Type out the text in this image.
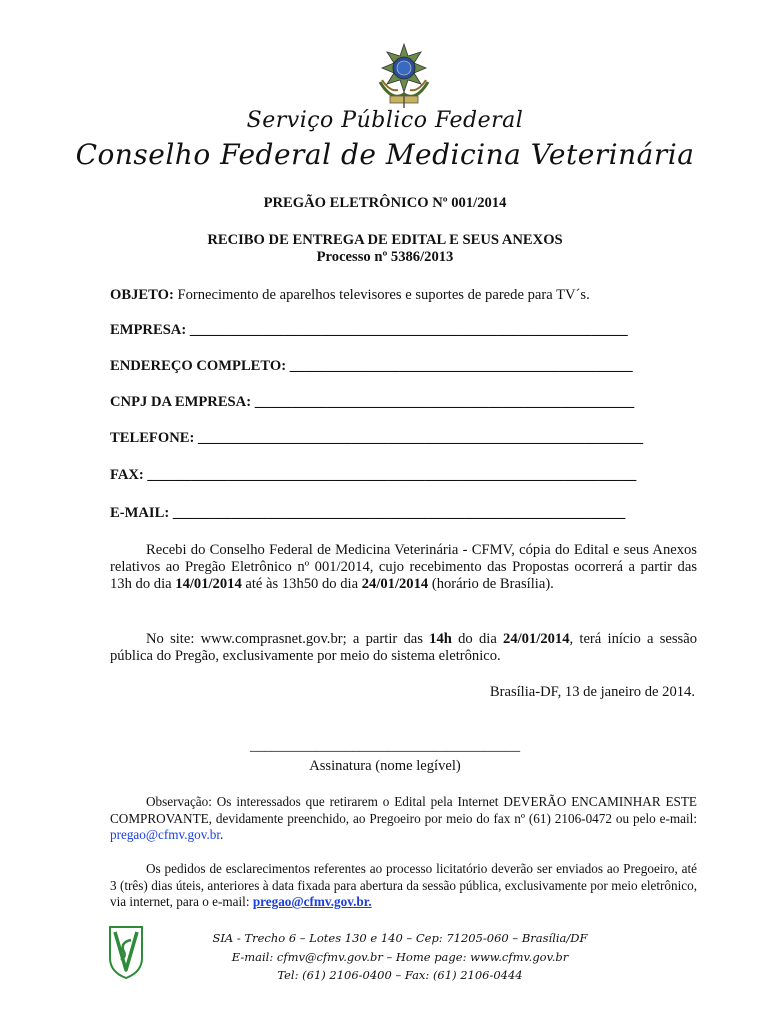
Serviço Público Federal
Conselho Federal de Medicina Veterinária
PREGÃO ELETRÔNICO Nº 001/2014
RECIBO DE ENTREGA DE EDITAL E SEUS ANEXOS
Processo nº 5386/2013
OBJETO: Fornecimento de aparelhos televisores e suportes de parede para TV´s.
EMPRESA: ____________________________________________________________
ENDEREÇO COMPLETO: _______________________________________________
CNPJ DA EMPRESA: ____________________________________________________
TELEFONE: _____________________________________________________________
FAX: ___________________________________________________________________
E-MAIL: ______________________________________________________________
Recebi do Conselho Federal de Medicina Veterinária - CFMV, cópia do Edital e seus Anexos relativos ao Pregão Eletrônico nº 001/2014, cujo recebimento das Propostas ocorrerá a partir das 13h do dia 14/01/2014 até às 13h50 do dia 24/01/2014 (horário de Brasília).
No site: www.comprasnet.gov.br; a partir das 14h do dia 24/01/2014, terá início a sessão pública do Pregão, exclusivamente por meio do sistema eletrônico.
Brasília-DF, 13 de janeiro de 2014.
_____________________________________
Assinatura (nome legível)
Observação: Os interessados que retirarem o Edital pela Internet DEVERÃO ENCAMINHAR ESTE COMPROVANTE, devidamente preenchido, ao Pregoeiro por meio do fax nº (61) 2106-0472 ou pelo e-mail: pregao@cfmv.gov.br.
Os pedidos de esclarecimentos referentes ao processo licitatório deverão ser enviados ao Pregoeiro, até 3 (três) dias úteis, anteriores à data fixada para abertura da sessão pública, exclusivamente por meio eletrônico, via internet, para o e-mail: pregao@cfmv.gov.br.
SIA - Trecho 6 – Lotes 130 e 140 – Cep: 71205-060 – Brasília/DF
E-mail: cfmv@cfmv.gov.br – Home page: www.cfmv.gov.br
Tel: (61) 2106-0400 – Fax: (61) 2106-0444
